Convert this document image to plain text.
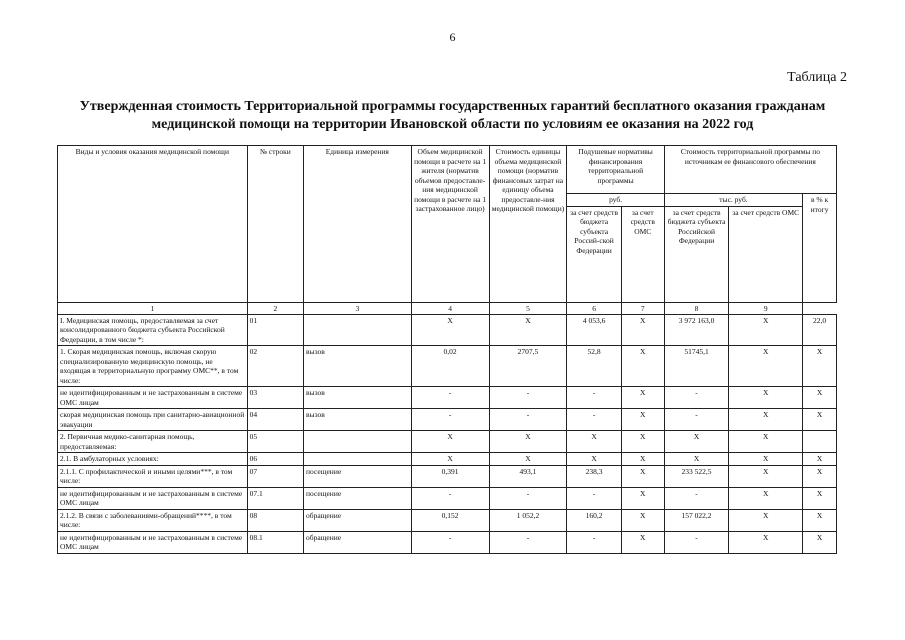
6
Таблица 2
Утвержденная стоимость Территориальной программы государственных гарантий бесплатного оказания гражданам медицинской помощи на территории Ивановской области по условиям ее оказания на 2022 год
Виды и условия оказания медицинской помощи	№ строки	Единица измерения	Объем медицинской помощи в расчете на 1 жителя (норматив объемов предоставле-ния медицинской помощи в расчете на 1 застрахованное лицо)	Стоимость единицы объема медицинской помощи (норматив финансовых затрат на единицу объема предоставле-ния медицинской помощи)	Подушевые нормативы финансирования территориальной программы		Стоимость территориальной программы по источникам ее финансового обеспечения		
					руб.		тыс. руб.		в % к итогу
					за счет средств бюджета субъекта Россий-ской Федерации	за счет средств ОМС	за счет средств бюджета субъекта Российской Федерации	за счет средств ОМС	
1	2	3	4	5	6	7	8	9	
I. Медицинская помощь, предоставляемая за счет консолидированного бюджета субъекта Российской Федерации, в том числе *:	01		X	X	4 053,6	X	3 972 163,0	X	22,0
1. Скорая медицинская помощь, включая скорую специализированную медицинскую помощь, не входящая в территориальную программу ОМС**, в том числе:	02	вызов	0,02	2707,5	52,8	X	51745,1	X	X
не идентифицированным и не застрахованным в системе ОМС лицам	03	вызов	-	-	-	X	-	X	X
скорая медицинская помощь при санитарно-авиационной эвакуации	04	вызов	-	-	-	X	-	X	X
2. Первичная медико-санитарная помощь, предоставляемая:	05		X	X	X	X	X	X	
2.1. В амбулаторных условиях:	06		X	X	X	X	X	X	X
2.1.1. С профилактической и иными целями***, в том числе:	07	посещение	0,391	493,1	238,3	X	233 522,5	X	X
не идентифицированным и не застрахованным в системе ОМС лицам	07.1	посещение	-	-	-	X	-	X	X
2.1.2. В связи с заболеваниями-обращений****, в том числе:	08	обращение	0,152	1 052,2	160,2	X	157 022,2	X	X
не идентифицированным и не застрахованным в системе ОМС лицам	08.1	обращение	-	-	-	X	-	X	X
